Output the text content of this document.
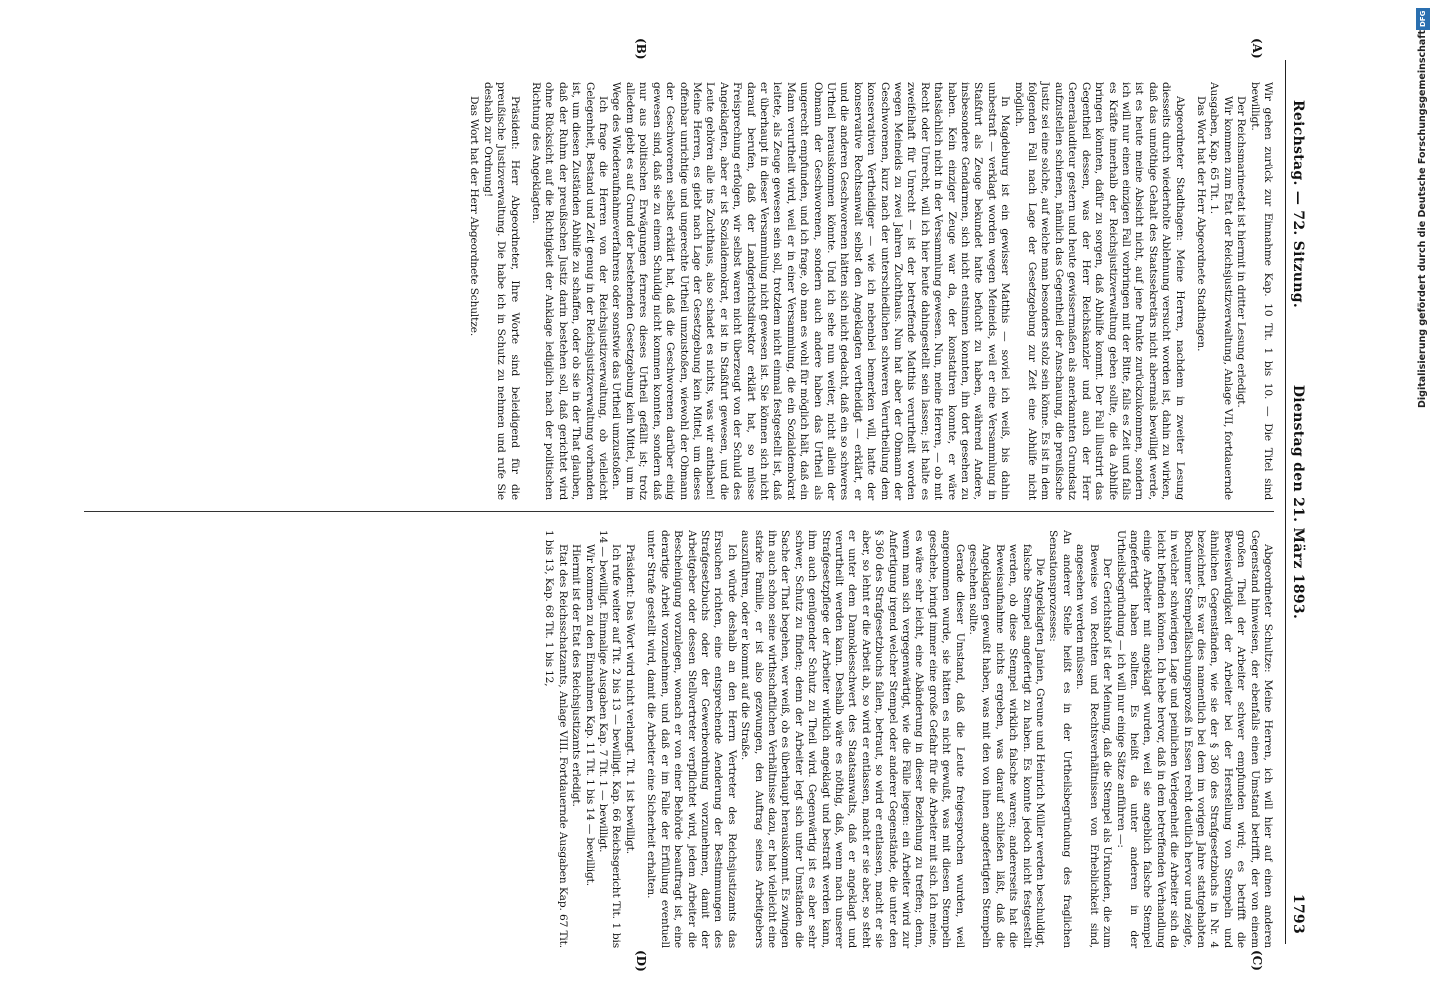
Reichstag. — 72. Sitzung.
Dienstag den 21. März 1893.
1793
(A)
(B)
(C)
(D)

Wir gehen zurück zur Einnahme Kap. 10 Tit. 1 bis 10. — Die Titel sind bewilligt.

Der Reichsmarineetat ist hiermit in dritter Lesung erledigt.

Wir kommen zum Etat der Reichsjustizverwaltung, Anlage VII, fortdauernde Ausgaben, Kap. 65 Tit. 1.

Das Wort hat der Herr Abgeordnete Stadthagen.

Abgeordneter Stadthagen: Meine Herren, nachdem in zweiter Lesung diesseits durch wiederholte Ablehnung versucht worden ist, dahin zu wirken, daß das unnöthige Gehalt des Staatssekretärs nicht abermals bewilligt werde, ist es heute meine Absicht nicht, auf jene Punkte zurückzukommen, sondern ich will nur einen einzigen Fall vorbringen mit der Bitte, falls es Zeit und falls es Kräfte innerhalb der Reichsjustizverwaltung geben sollte, die da Abhilfe bringen könnten, dafür zu sorgen, daß Abhilfe kommt. Der Fall illustrirt das Gegentheil dessen, was der Herr Reichskanzler und auch der Herr Generalauditeur gestern und heute gewissermaßen als anerkannten Grundsatz aufzustellen schienen, nämlich das Gegentheil der Anschauung, die preußische Justiz sei eine solche, auf welche man besonders stolz sein könne. Es ist in dem folgenden Fall nach Lage der Gesetzgebung zur Zeit eine Abhilfe nicht möglich.

In Magdeburg ist ein gewisser Matthis — soviel ich weiß, bis dahin unbestraft — verklagt worden wegen Meineids, weil er eine Versammlung in Staßfurt als Zeuge bekundet hatte befucht zu haben, während Andere, insbesondere Gendarmen, sich nicht entsinnen konnten, ihn dort gesehen zu haben. Kein einziger Zeuge war da, der konstatiren konnte, er wäre thatsächlich nicht in der Versammlung gewesen. Nun, meine Herren, — ob mit Recht oder Unrecht, will ich hier heute dahingestellt sein lassen; ist halte es zweifelhaft für Unrecht — ist der betreffende Matthis verurtheilt worden wegen Meineids zu zwei Jahren Zuchthaus. Nun hat aber der Obmann der Geschworenen, kurz nach der unterschiedlichen schweren Verurtheilung dem konservativen Vertheidiger — wie ich nebenbei bemerken will, hatte der konservative Rechtsanwalt selbst den Angeklagten vertheidigt — erklärt, er und die anderen Geschworenen hätten sich nicht gedacht, daß ein so schweres Urtheil herauskommen könnte. Und ich sehe nun weiter, nicht allein der Obmann der Geschworenen, sondern auch andere haben das Urtheil als ungerecht empfunden, und ich frage, ob man es wohl für möglich hält, daß ein Mann verurtheilt wird, weil er in einer Versammlung, die ein Sozialdemokrat leitete, als Zeuge gewesen sein soll, trotzdem nicht einmal festgestellt ist, daß er überhaupt in dieser Versammlung nicht gewesen ist. Sie können sich nicht darauf berufen, daß der Landgerichtsdirektor erklärt hat, so müsse Freisprechung erfolgen, wir selbst waren nicht überzeugt von der Schuld des Angeklagten, aber er ist Sozialdemokrat, er ist in Staßfurt gewesen, und die Leute gehören alle ins Zuchthaus, also schadet es nichts, was wir anthaben! Meine Herren, es giebt nach Lage der Gesetzgebung kein Mittel, um dieses offenbar unrichtige und ungerechte Urtheil umzustoßen, wiewohl der Obmann der Geschworenen selbst erklärt hat, daß die Geschworenen darüber einig gewesen sind, daß sie zu einem Schuldig nicht kommen konnten, sondern daß nur aus politischen Erwägungen ferneres dieses Urtheil gefällt ist; trotz alledem giebt es auf Grund der bestehenden Gesetzgebung kein Mittel, um im Wege des Wiederaufnahmeverfahrens oder sonstwie das Urtheil umzustoßen.

Ich frage die Herren von der Reichsjustizverwaltung, ob vielleicht Gelegenheit, Bestand und Zeit genug in der Reichsjustizverwaltung vorhanden ist, um diesen Zuständen Abhilfe zu schaffen, oder ob sie in der That glauben, daß der Ruhm der preußischen Justiz darin bestehen soll, daß gerichtet wird ohne Rücksicht auf die Richtigkeit der Anklage lediglich nach der politischen Richtung des Angeklagten.

Präsident: Herr Abgeordneter, Ihre Worte sind beleidigend für die preußische Justizverwaltung. Die habe ich in Schutz zu nehmen und rufe Sie deshalb zur Ordnung!

Das Wort hat der Herr Abgeordnete Schultze.

Abgeordneter Schultze: Meine Herren, ich will hier auf einen anderen Gegenstand hinweisen, der ebenfalls einen Umstand betrifft, der von einem großen Theil der Arbeiter schwer empfunden wird; es betrifft die Beweiswürdigkeit der Arbeiter bei der Herstellung von Stempeln und ähnlichen Gegenständen, wie sie der § 360 des Strafgesetzbuchs in Nr. 4 bezeichnet. Es war dies namentlich bei dem im vorigen Jahre stattgehabten Bochumer Stempelfälschungsprozeß in Essen recht deutlich hervor und zeigte, in welcher schwierigen Lage und peinlichen Verlegenheit die Arbeiter sich da leicht befinden können. Ich hebe hervor, daß in dem betreffenden Verhandlung einige Arbeiter mit angeklagt wurden, weil sie angeblich falsche Stempel angefertigt haben sollten. Es heißt da unter anderen in der Urtheilsbegründung — ich will nur einige Sätze anführen —:

Der Gerichtshof ist der Meinung, daß die Stempel als Urkunden, die zum Beweise von Rechten und Rechtsverhältnissen von Erheblichkeit sind, angesehen werden müssen.

An anderer Stelle heißt es in der Urtheilsbegründung des fraglichen Sensationsprozesses:

Die Angeklagten Janien, Greune und Heinrich Müller werden beschuldigt, falsche Stempel angefertigt zu haben. Es konnte jedoch nicht festgestellt werden, ob diese Stempel wirklich falsche waren; andererseits hat die Beweisaufnahme nichts ergeben, was darauf schließen läßt, daß die Angeklagten gewußt haben, was mit den von ihnen angefertigten Stempeln geschehen sollte.

Gerade dieser Umstand, daß die Leute freigesprochen wurden, weil angenommen wurde, sie hätten es nicht gewußt, was mit diesen Stempeln geschehe, bringt immer eine große Gefahr für die Arbeiter mit sich. Ich meine, es wäre sehr leicht, eine Abänderung in dieser Beziehung zu treffen; denn, wenn man sich vergegenwärtigt, wie die Fälle liegen: ein Arbeiter wird zur Anfertigung irgend welcher Stempel oder anderer Gegenstände, die unter den § 360 des Strafgesetzbuchs fallen, betraut, so wird er entlassen, macht er sie aber, so lehnt er die Arbeit ab, so wird er entlassen, macht er sie aber, so steht er unter dem Damoklesschwert des Staatsanwalts, daß er angeklagt und verurtheilt werden kann. Deshalb wäre es nöthig, daß, wenn nach unserer Strafgesetzpflege der Arbeiter wirklich angeklagt und bestraft werden kann, ihm auch genügender Schutz zu Theil wird. Gegenwärtig ist es aber sehr schwer, Schutz zu finden; denn der Arbeiter legt sich unter Umständen die Sache der That begehen, wer weiß, ob es überhaupt herauskommt. Es zwingen ihn auch schon seine wirthschaftlichen Verhältnisse dazu, er hat vielleicht eine starke Familie, er ist also gezwungen, den Auftrag seines Arbeitgebers auszuführen, oder er kommt auf die Straße.

Ich würde deshalb an den Herrn Vertreter des Reichsjustizamts das Ersuchen richten, eine entsprechende Aenderung der Bestimmungen des Strafgesetzbuchs oder der Gewerbeordnung vorzunehmen, damit der Arbeitgeber oder dessen Stellvertreter verpflichtet wird, jedem Arbeiter die Bescheinigung vorzulegen, wonach er von einer Behörde beauftragt ist, eine derartige Arbeit vorzunehmen, und daß er im Falle der Erfüllung eventuell unter Strafe gestellt wird, damit die Arbeiter eine Sicherheit erhalten.

Präsident: Das Wort wird nicht verlangt. Tit. 1 ist bewilligt.

Ich rufe weiter auf Tit. 2 bis 13 — bewilligt. Kap. 66 Reichsgericht Tit. 1 bis 14 — bewilligt. Einmalige Ausgaben Kap. 7 Tit. 1 — bewilligt.

Wir kommen zu den Einnahmen Kap. 11 Tit. 1 bis 14 — bewilligt.

Hiermit ist der Etat des Reichsjustizamts erledigt.

Etat des Reichsschatzamts, Anlage VIII. Fortdauernde Ausgaben Kap. 67 Tit. 1 bis 13, Kap. 68 Tit. 1 bis 12,

Digitalisierung gefördert durch die Deutsche Forschungsgemeinschaft
DFG
